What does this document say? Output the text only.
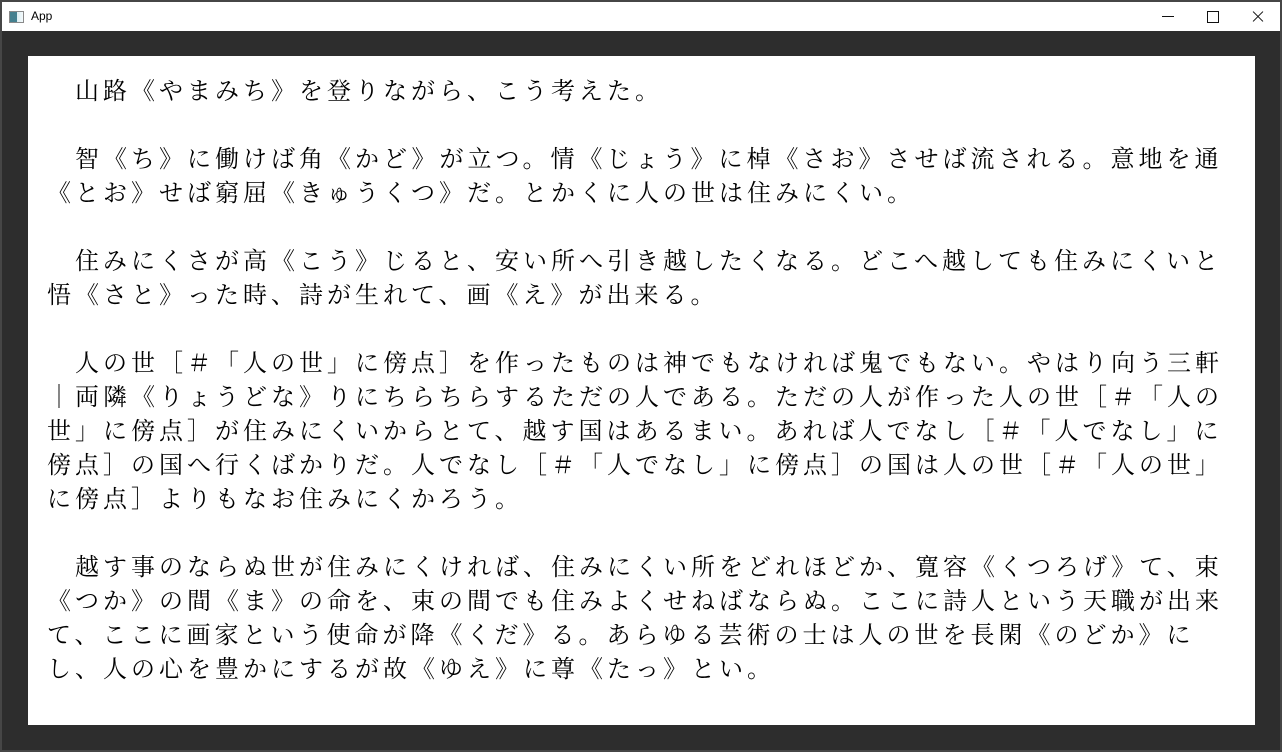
App

　山路《やまみち》を登りながら、こう考えた。

　智《ち》に働けば角《かど》が立つ。情《じょう》に棹《さお》させば流される。意地を通《とお》せば窮屈《きゅうくつ》だ。とかくに人の世は住みにくい。

　住みにくさが高《こう》じると、安い所へ引き越したくなる。どこへ越しても住みにくいと悟《さと》った時、詩が生れて、画《え》が出来る。

　人の世［＃「人の世」に傍点］を作ったものは神でもなければ鬼でもない。やはり向う三軒｜両隣《りょうどな》りにちらちらするただの人である。ただの人が作った人の世［＃「人の世」に傍点］が住みにくいからとて、越す国はあるまい。あれば人でなし［＃「人でなし」に傍点］の国へ行くばかりだ。人でなし［＃「人でなし」に傍点］の国は人の世［＃「人の世」に傍点］よりもなお住みにくかろう。

　越す事のならぬ世が住みにくければ、住みにくい所をどれほどか、寛容《くつろげ》て、束《つか》の間《ま》の命を、束の間でも住みよくせねばならぬ。ここに詩人という天職が出来て、ここに画家という使命が降《くだ》る。あらゆる芸術の士は人の世を長閑《のどか》にし、人の心を豊かにするが故《ゆえ》に尊《たっ》とい。
